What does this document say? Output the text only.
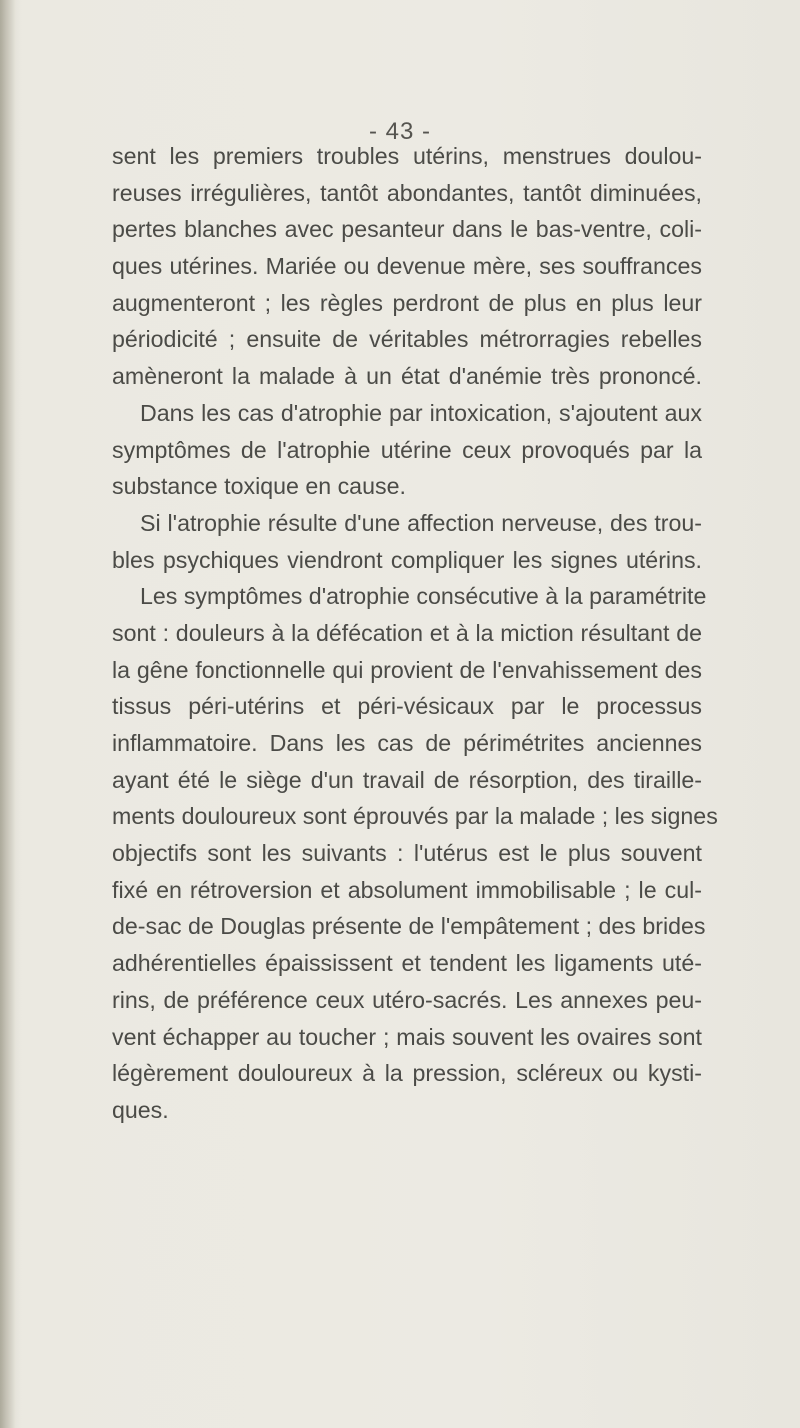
- 43 -
sent les premiers troubles utérins, menstrues doulou-
reuses irrégulières, tantôt abondantes, tantôt diminuées,
pertes blanches avec pesanteur dans le bas-ventre, coli-
ques utérines. Mariée ou devenue mère, ses souffrances
augmenteront ; les règles perdront de plus en plus leur
périodicité ; ensuite de véritables métrorragies rebelles
amèneront la malade à un état d'anémie très prononcé.
Dans les cas d'atrophie par intoxication, s'ajoutent aux
symptômes de l'atrophie utérine ceux provoqués par la
substance toxique en cause.
Si l'atrophie résulte d'une affection nerveuse, des trou-
bles psychiques viendront compliquer les signes utérins.
Les symptômes d'atrophie consécutive à la paramétrite
sont : douleurs à la défécation et à la miction résultant de
la gêne fonctionnelle qui provient de l'envahissement des
tissus péri-utérins et péri-vésicaux par le processus
inflammatoire. Dans les cas de périmétrites anciennes
ayant été le siège d'un travail de résorption, des tiraille-
ments douloureux sont éprouvés par la malade ; les signes
objectifs sont les suivants : l'utérus est le plus souvent
fixé en rétroversion et absolument immobilisable ; le cul-
de-sac de Douglas présente de l'empâtement ; des brides
adhérentielles épaississent et tendent les ligaments uté-
rins, de préférence ceux utéro-sacrés. Les annexes peu-
vent échapper au toucher ; mais souvent les ovaires sont
légèrement douloureux à la pression, scléreux ou kysti-
ques.
